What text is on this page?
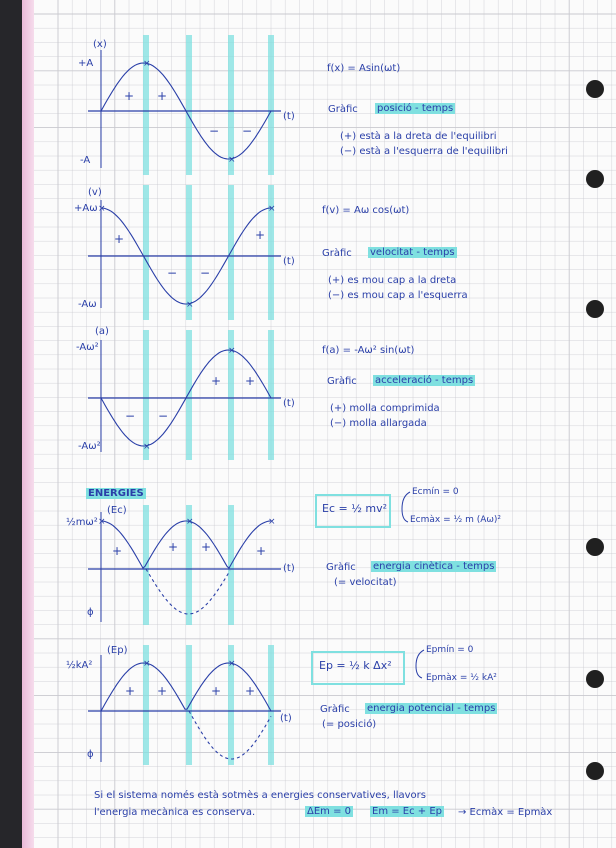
×
×
×
×
×
×
×
×
×	×
×	×
(x)
+A
-A
(t)
+ +
− −
f(x) = Asin(ωt)
Gràfic posició - temps
(+) està a la dreta de l'equilibri
(−) està a l'esquerra de l'equilibri
(v)
+Aω
-Aω
(t)
+	+
− −
f(v) = Aω cos(ωt)
Gràfic velocitat - temps
(+) es mou cap a la dreta
(−) es mou cap a l'esquerra
(a)
-Aω²
-Aω²
(t)
+ +
− −
f(a) = -Aω² sin(ωt)
Gràfic acceleració - temps
(+) molla comprimida
(−) molla allargada
ENERGIES
(Ec)
½mω²
ϕ
(t)
+	+ +	+
Ec = ½ mv²
Ecmín = 0
Ecmàx = ½ m (Aω)²
Gràfic energia cinètica - temps
(= velocitat)
(Ep)
½kA²
ϕ
(t)
+ +	+ +
Ep = ½ k Δx²
Epmín = 0
Epmàx = ½ kA²
Gràfic energia potencial - temps
(= posició)
Si el sistema només està sotmès a energies conservatives, llavors
l'energia mecànica es conserva.	ΔEm = 0 Em = Ec + Ep → Ecmàx = Epmàx
